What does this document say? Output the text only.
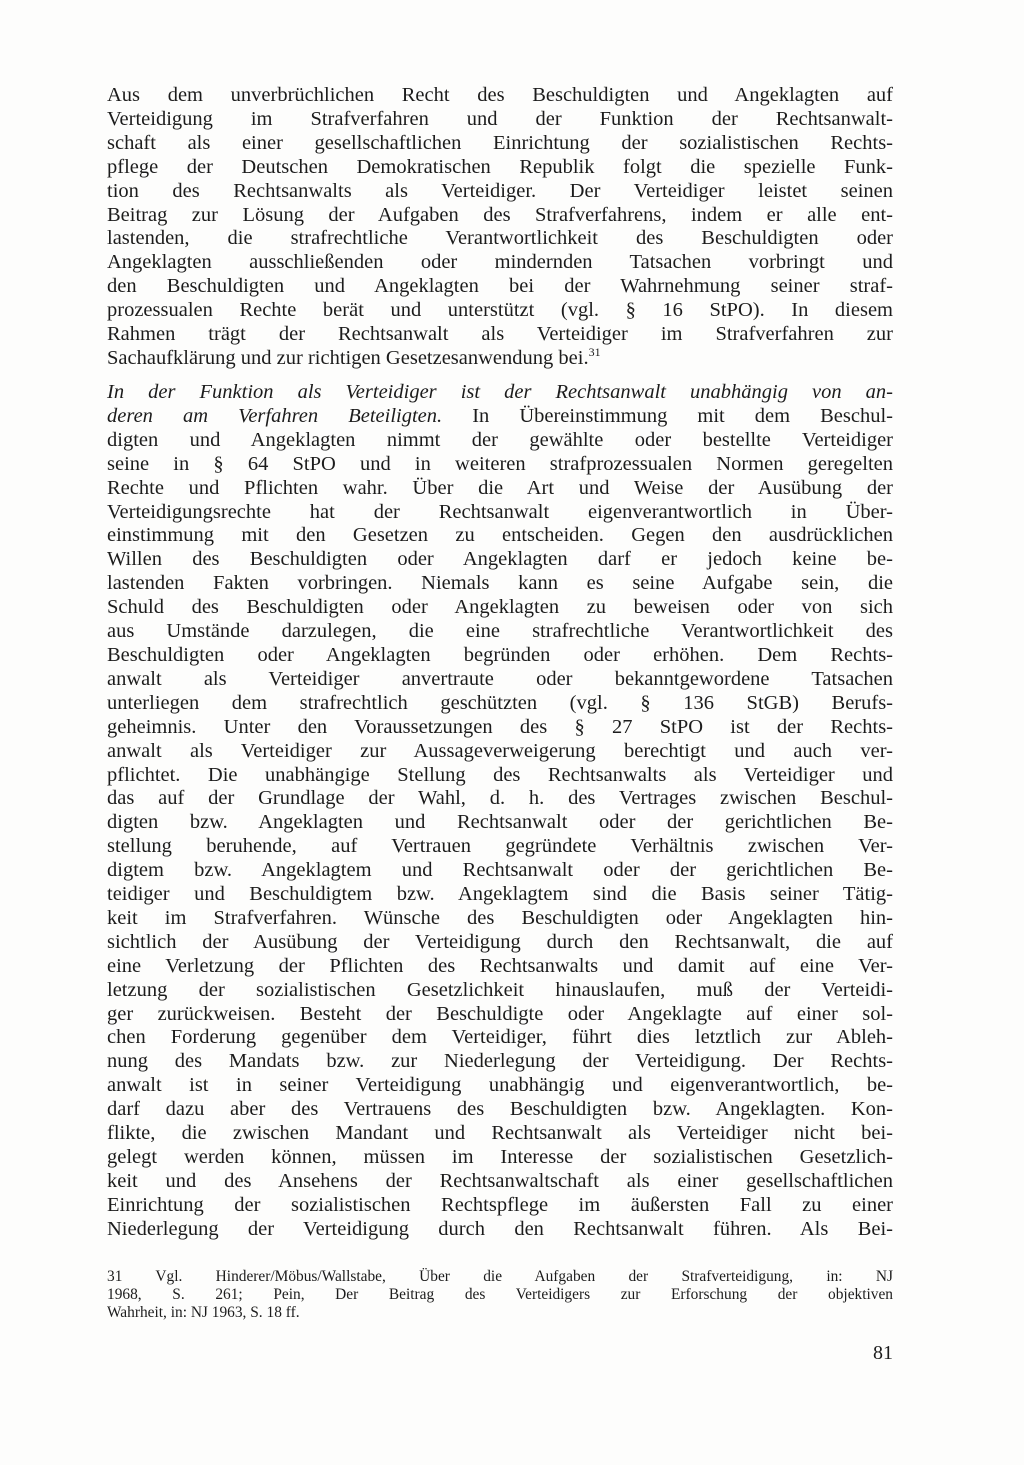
Aus dem unverbrüchlichen Recht des Beschuldigten und Angeklagten auf
Verteidigung im Strafverfahren und der Funktion der Rechtsanwalt-
schaft als einer gesellschaftlichen Einrichtung der sozialistischen Rechts-
pflege der Deutschen Demokratischen Republik folgt die spezielle Funk-
tion des Rechtsanwalts als Verteidiger. Der Verteidiger leistet seinen
Beitrag zur Lösung der Aufgaben des Strafverfahrens, indem er alle ent-
lastenden, die strafrechtliche Verantwortlichkeit des Beschuldigten oder
Angeklagten ausschließenden oder mindernden Tatsachen vorbringt und
den Beschuldigten und Angeklagten bei der Wahrnehmung seiner straf-
prozessualen Rechte berät und unterstützt (vgl. § 16 StPO). In diesem
Rahmen trägt der Rechtsanwalt als Verteidiger im Strafverfahren zur
Sachaufklärung und zur richtigen Gesetzesanwendung bei.$^{31}$
In der Funktion als Verteidiger ist der Rechtsanwalt unabhängig von an-
deren am Verfahren Beteiligten. In Übereinstimmung mit dem Beschul-
digten und Angeklagten nimmt der gewählte oder bestellte Verteidiger
seine in § 64 StPO und in weiteren strafprozessualen Normen geregelten
Rechte und Pflichten wahr. Über die Art und Weise der Ausübung der
Verteidigungsrechte hat der Rechtsanwalt eigenverantwortlich in Über-
einstimmung mit den Gesetzen zu entscheiden. Gegen den ausdrücklichen
Willen des Beschuldigten oder Angeklagten darf er jedoch keine be-
lastenden Fakten vorbringen. Niemals kann es seine Aufgabe sein, die
Schuld des Beschuldigten oder Angeklagten zu beweisen oder von sich
aus Umstände darzulegen, die eine strafrechtliche Verantwortlichkeit des
Beschuldigten oder Angeklagten begründen oder erhöhen. Dem Rechts-
anwalt als Verteidiger anvertraute oder bekanntgewordene Tatsachen
unterliegen dem strafrechtlich geschützten (vgl. § 136 StGB) Berufs-
geheimnis. Unter den Voraussetzungen des § 27 StPO ist der Rechts-
anwalt als Verteidiger zur Aussageverweigerung berechtigt und auch ver-
pflichtet. Die unabhängige Stellung des Rechtsanwalts als Verteidiger und
das auf der Grundlage der Wahl, d. h. des Vertrages zwischen Beschul-
digten bzw. Angeklagten und Rechtsanwalt oder der gerichtlichen Be-
stellung beruhende, auf Vertrauen gegründete Verhältnis zwischen Ver-
digtem bzw. Angeklagtem und Rechtsanwalt oder der gerichtlichen Be-
teidiger und Beschuldigtem bzw. Angeklagtem sind die Basis seiner Tätig-
keit im Strafverfahren. Wünsche des Beschuldigten oder Angeklagten hin-
sichtlich der Ausübung der Verteidigung durch den Rechtsanwalt, die auf
eine Verletzung der Pflichten des Rechtsanwalts und damit auf eine Ver-
letzung der sozialistischen Gesetzlichkeit hinauslaufen, muß der Verteidi-
ger zurückweisen. Besteht der Beschuldigte oder Angeklagte auf einer sol-
chen Forderung gegenüber dem Verteidiger, führt dies letztlich zur Ableh-
nung des Mandats bzw. zur Niederlegung der Verteidigung. Der Rechts-
anwalt ist in seiner Verteidigung unabhängig und eigenverantwortlich, be-
darf dazu aber des Vertrauens des Beschuldigten bzw. Angeklagten. Kon-
flikte, die zwischen Mandant und Rechtsanwalt als Verteidiger nicht bei-
gelegt werden können, müssen im Interesse der sozialistischen Gesetzlich-
keit und des Ansehens der Rechtsanwaltschaft als einer gesellschaftlichen
Einrichtung der sozialistischen Rechtspflege im äußersten Fall zu einer
Niederlegung der Verteidigung durch den Rechtsanwalt führen. Als Bei-
31 Vgl. Hinderer/Möbus/Wallstabe, Über die Aufgaben der Strafverteidigung, in: NJ
1968, S. 261; Pein, Der Beitrag des Verteidigers zur Erforschung der objektiven
Wahrheit, in: NJ 1963, S. 18 ff.
81
